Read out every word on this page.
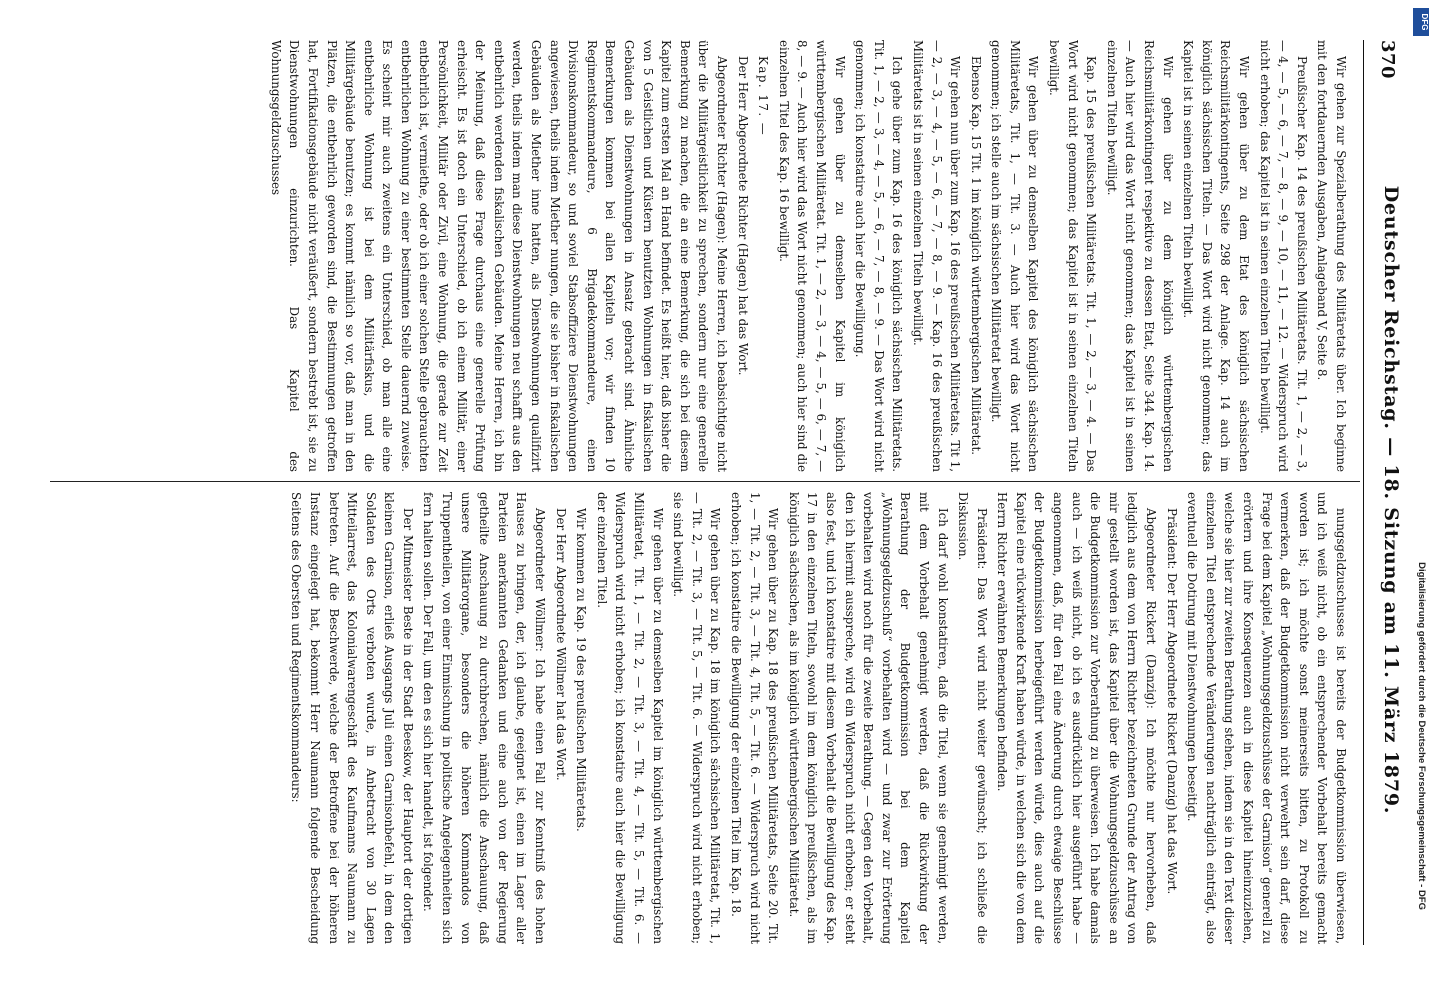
370
Deutscher Reichstag. — 18. Sitzung am 11. März 1879.

Wir gehen zur Spezialberathung des Militäretats über. Ich beginne mit den fortdauernden Ausgaben, Anlageband V, Seite 8.

Preußischer Kap. 14 des preußischen Militäretats. Tit. 1, — 2, — 3, — 4, — 5, — 6, — 7, — 8, — 9, — 10, — 11, — 12. — Widerspruch wird nicht erhoben; das Kapitel ist in seinen einzelnen Titeln bewilligt.

Wir gehen über zu dem Etat des königlich sächsischen Reichsmilitärkontingents, Seite 298 der Anlage. Kap. 14 auch im königlich sächsischen Titeln. — Das Wort wird nicht genommen; das Kapitel ist in seinen einzelnen Titeln bewilligt.

Wir gehen über zu dem königlich württembergischen Reichsmilitärkontingent respektive zu dessen Etat, Seite 344. Kap. 14. — Auch hier wird das Wort nicht genommen; das Kapitel ist in seinen einzelnen Titeln bewilligt.

Kap. 15 des preußischen Militäretats. Tit. 1, — 2, — 3, — 4. — Das Wort wird nicht genommen; das Kapitel ist in seinen einzelnen Titeln bewilligt.

Wir gehen über zu demselben Kapitel des königlich sächsischen Militäretats, Tit. 1, — Tit. 3. — Auch hier wird das Wort nicht genommen; ich stelle auch im sächsischen Militäretat bewilligt.

Ebenso Kap. 15 Tit. 1 im königlich württembergischen Militäretat.

Wir gehen nun über zum Kap. 16 des preußischen Militäretats. Tit 1, — 2, — 3, — 4, — 5, — 6, — 7, — 8, — 9. — Kap. 16 des preußischen Militäretats ist in seinen einzelnen Titeln bewilligt.

Ich gehe über zum Kap. 16 des königlich sächsischen Militäretats. Tit. 1, — 2, — 3, — 4, — 5, — 6, — 7, — 8, — 9. — Das Wort wird nicht genommen; ich konstatire auch hier die Bewilligung.

Wir gehen über zu demselben Kapitel im königlich württembergischen Militäretat. Tit. 1, — 2, — 3, — 4, — 5, — 6, — 7, — 8, — 9. — Auch hier wird das Wort nicht genommen; auch hier sind die einzelnen Titel des Kap. 16 bewilligt.

Kap. 17. —

Der Herr Abgeordnete Richter (Hagen) hat das Wort.

Abgeordneter Richter (Hagen): Meine Herren, ich beabsichtige nicht über die Militärgeistlichkeit zu sprechen, sondern nur eine generelle Bemerkung zu machen, die an eine Bemerkung, die sich bei diesem Kapitel zum ersten Mal an Hand befindet. Es heißt hier, daß bisher die von 5 Geistlichen und Küstern benutzten Wohnungen in fiskalischen Gebäuden als Dienstwohnungen in Ansatz gebracht sind. Ähnliche Bemerkungen kommen bei allen Kapiteln vor; wir finden 10 Regimentskommandeure, 6 Brigadekommandeure, einen Divisionskommandeur, so und soviel Stabsoffiziere Dienstwohnungen angewiesen, theils indem Miether nungen, die sie bisher in fiskalischen Gebäuden als Miether inne hatten, als Dienstwohnungen qualifizirt werden, theils indem man diese Dienstwohnungen neu schafft aus den entbehrlich werdenden fiskalischen Gebäuden. Meine Herren, ich bin der Meinung, daß diese Frage durchaus eine generelle Prüfung erheischt. Es ist doch ein Unterschied, ob ich einem Militär, einer Persönlichkeit, Militär oder Zivil, eine Wohnung, die gerade zur Zeit entbehrlich ist, vermiethe, oder ob ich einer solchen Stelle gebrauchten entbehrlichen Wohnung zu einer bestimmten Stelle dauernd zuweise. Es scheint mir auch zweitens ein Unterschied, ob man alle eine entbehrliche Wohnung ist bei dem Militärfiskus, und die Militärgebäude benutzen; es kommt nämlich so vor, daß man in den Plätzen, die entbehrlich geworden sind, die Bestimmungen getroffen hat, Fortifikationsgebäude nicht veräußert, sondern bestrebt ist, sie zu Dienstwohnungen einzurichten. Das Kapitel des Wohnungsgeldzuschusses

nungsgeldzuschusses ist bereits der Budgetkommission überwiesen, und ich weiß nicht, ob ein entsprechender Vorbehalt bereits gemacht worden ist; ich möchte sonst meinerseits bitten, zu Protokoll zu vermerken, daß der Budgetkommission nicht verwehrt sein darf, diese Frage bei dem Kapitel „Wohnungsgeldzuschüsse der Garnison“ generell zu erörtern und ihre Konsequenzen auch in diese Kapitel hineinzuziehen, welche sie hier zur zweiten Berathung stehen, indem sie in den Text dieser einzelnen Titel entsprechende Veränderungen nachträglich einträgt, also eventuell die Dotirung mit Dienstwohnungen beseitigt.

Präsident: Der Herr Abgeordnete Rickert (Danzig) hat das Wort.

Abgeordneter Rickert (Danzig): Ich möchte nur hervorheben, daß lediglich aus dem von Herrn Richter bezeichneten Grunde der Antrag von mir gestellt worden ist, das Kapitel über die Wohnungsgeldzuschüsse an die Budgetkommission zur Vorberathung zu überweisen. Ich habe damals auch — ich weiß nicht, ob ich es ausdrücklich hier ausgeführt habe — angenommen, daß, für den Fall eine Änderung durch etwaige Beschlüsse der Budgetkommission herbeigeführt werden würde, dies auch auf die Kapitel eine rückwirkende Kraft haben würde, in welchen sich die von dem Herrn Richter erwähnten Bemerkungen befinden.

Präsident: Das Wort wird nicht weiter gewünscht; ich schließe die Diskussion.

Ich darf wohl konstatiren, daß die Titel, wenn sie genehmigt werden, mit dem Vorbehalt genehmigt werden, daß die Rückwirkung der Berathung der Budgetkommission bei dem Kapitel „Wohnungsgeldzuschuß“ vorbehalten wird — und zwar zur Erörterung vorbehalten wird noch für die zweite Berathung. — Gegen den Vorbehalt, den ich hiermit ausspreche, wird ein Widerspruch nicht erhoben; er steht also fest, und ich konstatire mit diesem Vorbehalt die Bewilligung des Kap. 17 in den einzelnen Titeln, sowohl im dem königlich preußischen, als im königlich sächsischen, als im königlich württembergischen Militäretat.

Wir gehen über zu Kap. 18 des preußischen Militäretats, Seite 20. Tit. 1, — Tit. 2, — Tit. 3, — Tit. 4, Tit. 5, — Tit. 6. — Widerspruch wird nicht erhoben; ich konstatire die Bewilligung der einzelnen Titel im Kap. 18.

Wir gehen über zu Kap. 18 im königlich sächsischen Militäretat, Tit. 1, — Tit. 2, — Tit. 3, — Tit. 5, — Tit. 6. — Widerspruch wird nicht erhoben; sie sind bewilligt.

Wir gehen über zu demselben Kapitel im königlich württembergischen Militäretat, Tit. 1, — Tit. 2, — Tit. 3, — Tit. 4, — Tit. 5, — Tit. 6. — Widerspruch wird nicht erhoben; ich konstatire auch hier die Bewilligung der einzelnen Titel.

Wir kommen zu Kap. 19 des preußischen Militäretats.

Der Herr Abgeordnete Wöllmer hat das Wort.

Abgeordneter Wöllmer: Ich habe einen Fall zur Kenntniß des hohen Hauses zu bringen, der, ich glaube, geeignet ist, einen im Lager aller Parteien anerkannten Gedanken und eine auch von der Regierung getheilte Anschauung zu durchbrechen, nämlich die Anschauung, daß unsere Militärorgane, besonders die höheren Kommandos von Truppentheilen, von einer Einmischung in politische Angelegenheiten sich fern halten sollen. Der Fall, um den es sich hier handelt, ist folgender.

Der Mitmeister Beste in der Stadt Beeskow, der Hauptort der dortigen kleinen Garnison, erließ Ausgangs Juli einen Garnisonbefehl, in dem den Soldaten des Orts verboten wurde, in Anbetracht von 30 Lagen Mitteilarrest, das Kolonialwarengeschäft des Kaufmanns Naumann zu betreten. Auf die Beschwerde, welche der Betroffene bei der höheren Instanz eingelegt hat, bekommt Herr Naumann folgende Bescheidung Seitens des Obersten und Regimentskommandeurs:	Digitalisierung gefördert durch die Deutsche Forschungsgemeinschaft - DFG
DFG
